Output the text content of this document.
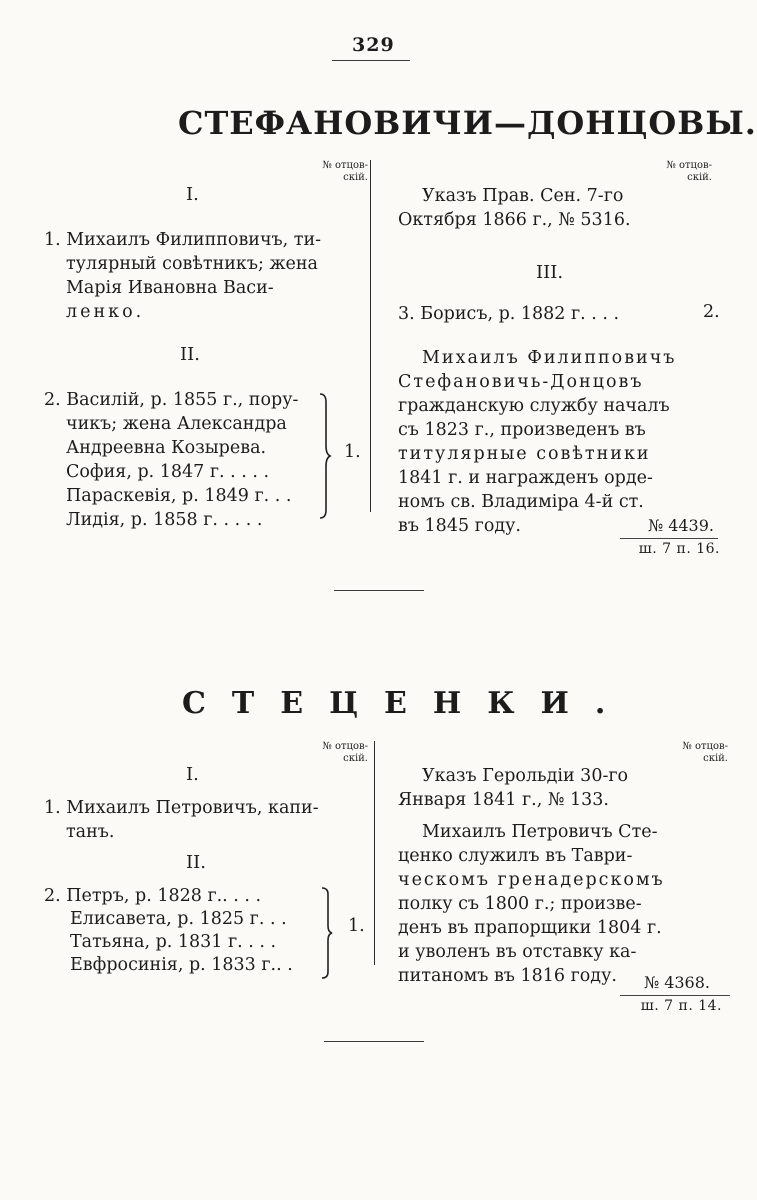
329
СТЕФАНОВИЧИ—ДОНЦОВЫ.
№ отцов-
скій.
I.
1. Михаилъ Филипповичъ, ти-
тулярный совѣтникъ; жена
Марія Ивановна Васи-
ленко.
II.
2. Василій, р. 1855 г., пору-
чикъ; жена Александра
Андреевна Козырева.
София, р. 1847 г. . . . .
Параскевія, р. 1849 г. . .
Лидія, р. 1858 г. . . . .
1.
№ отцов-
скій.
Указъ Прав. Сен. 7-го
Октября 1866 г., № 5316.
III.
3. Борисъ, р. 1882 г. . . .	2.
Михаилъ Филипповичъ
Стефановичь-Донцовъ
гражданскую службу началъ
съ 1823 г., произведенъ въ
титулярные совѣтники
1841 г. и награжденъ орде-
номъ св. Владиміра 4-й ст.
въ 1845 году.	№ 4439.
ш. 7 п. 16.
СТЕЦЕНКИ.
№ отцов-
скій.
I.
1. Михаилъ Петровичъ, капи-
танъ.
II.
2. Петръ, р. 1828 г.. . . .
Елисавета, р. 1825 г. . .
Татьяна, р. 1831 г. . . .
Евфросинія, р. 1833 г.. .
1.
№ отцов-
скій.
Указъ Герольдіи 30-го
Января 1841 г., № 133.
Михаилъ Петровичъ Сте-
ценко служилъ въ Таври-
ческомъ гренадерскомъ
полку съ 1800 г.; произве-
денъ въ прапорщики 1804 г.
и уволенъ въ отставку ка-
питаномъ въ 1816 году.	№ 4368.
ш. 7 п. 14.
